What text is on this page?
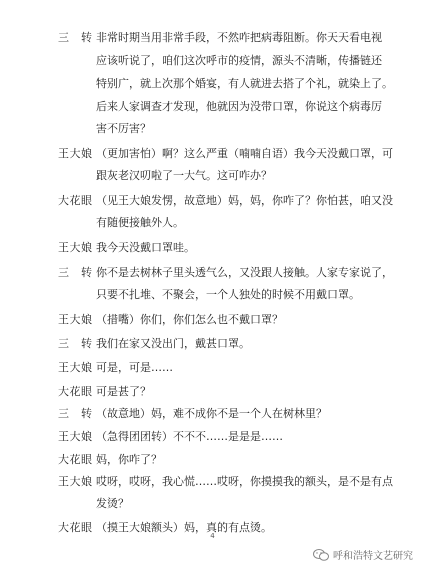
三　转 非常时期当用非常手段，不然咋把病毒阻断。你天天看电视
应该听说了，咱们这次呼市的疫情，源头不清晰，传播链还
特别广，就上次那个婚宴，有人就进去搭了个礼，就染上了。
后来人家调查才发现，他就因为没带口罩，你说这个病毒厉
害不厉害？
王大娘 （更加害怕）啊？这么严重（喃喃自语）我今天没戴口罩，可
跟灰老汉叨啦了一大气。这可咋办？
大花眼 （见王大娘发愣，故意地）妈，妈，你咋了？你怕甚，咱又没
有随便接触外人。
王大娘 我今天没戴口罩哇。
三　转 你不是去树林子里头透气么，又没跟人接触。人家专家说了，
只要不扎堆、不聚会，一个人独处的时候不用戴口罩。
王大娘 （措嘴）你们，你们怎么也不戴口罩？
三　转 我们在家又没出门，戴甚口罩。
王大娘 可是，可是……
大花眼 可是甚了？
三　转 （故意地）妈，难不成你不是一个人在树林里？
王大娘 （急得团团转）不不不……是是是……
大花眼 妈，你咋了？
王大娘 哎呀，哎呀，我心慌……哎呀，你摸摸我的额头，是不是有点
发烫？
大花眼 （摸王大娘额头）妈，真的有点烫。
4
呼和浩特文艺研究
